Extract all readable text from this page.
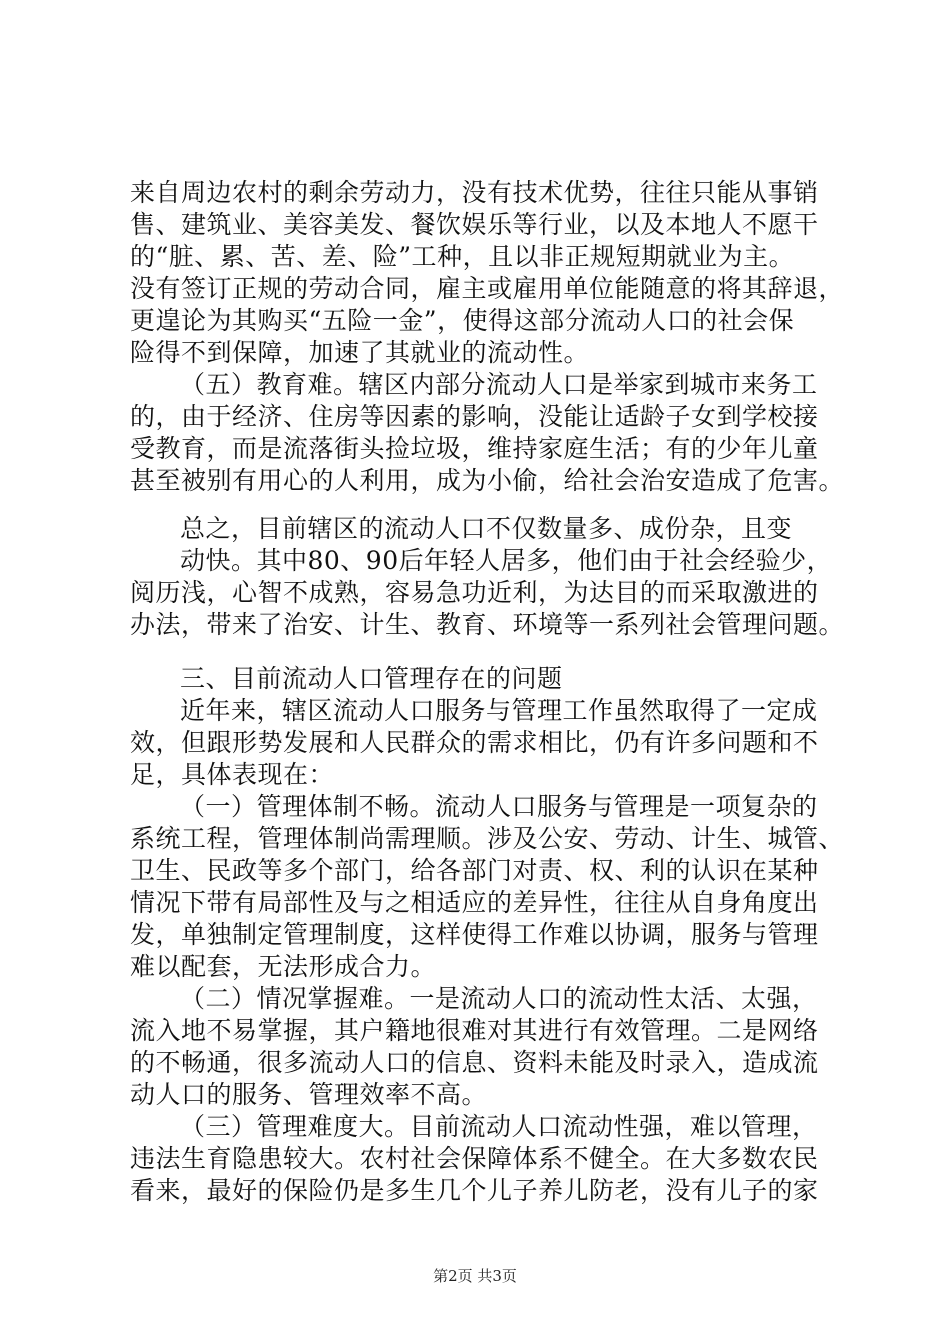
来自周边农村的剩余劳动力，没有技术优势，往往只能从事销
售、建筑业、美容美发、餐饮娱乐等行业，以及本地人不愿干
的“脏、累、苦、差、险”工种，且以非正规短期就业为主。
没有签订正规的劳动合同，雇主或雇用单位能随意的将其辞退，
更遑论为其购买“五险一金”，使得这部分流动人口的社会保
险得不到保障，加速了其就业的流动性。
（五）教育难。辖区内部分流动人口是举家到城市来务工
的，由于经济、住房等因素的影响，没能让适龄子女到学校接
受教育，而是流落街头捡垃圾，维持家庭生活；有的少年儿童
甚至被别有用心的人利用，成为小偷，给社会治安造成了危害。
总之，目前辖区的流动人口不仅数量多、成份杂，且变
动快。其中80、90后年轻人居多，他们由于社会经验少，
阅历浅，心智不成熟，容易急功近利，为达目的而采取激进的
办法，带来了治安、计生、教育、环境等一系列社会管理问题。
三、目前流动人口管理存在的问题
近年来，辖区流动人口服务与管理工作虽然取得了一定成
效，但跟形势发展和人民群众的需求相比，仍有许多问题和不
足，具体表现在：
（一）管理体制不畅。流动人口服务与管理是一项复杂的
系统工程，管理体制尚需理顺。涉及公安、劳动、计生、城管、
卫生、民政等多个部门，给各部门对责、权、利的认识在某种
情况下带有局部性及与之相适应的差异性，往往从自身角度出
发，单独制定管理制度，这样使得工作难以协调，服务与管理
难以配套，无法形成合力。
（二）情况掌握难。一是流动人口的流动性太活、太强，
流入地不易掌握，其户籍地很难对其进行有效管理。二是网络
的不畅通，很多流动人口的信息、资料未能及时录入，造成流
动人口的服务、管理效率不高。
（三）管理难度大。目前流动人口流动性强，难以管理，
违法生育隐患较大。农村社会保障体系不健全。在大多数农民
看来，最好的保险仍是多生几个儿子养儿防老，没有儿子的家
第2页 共3页
